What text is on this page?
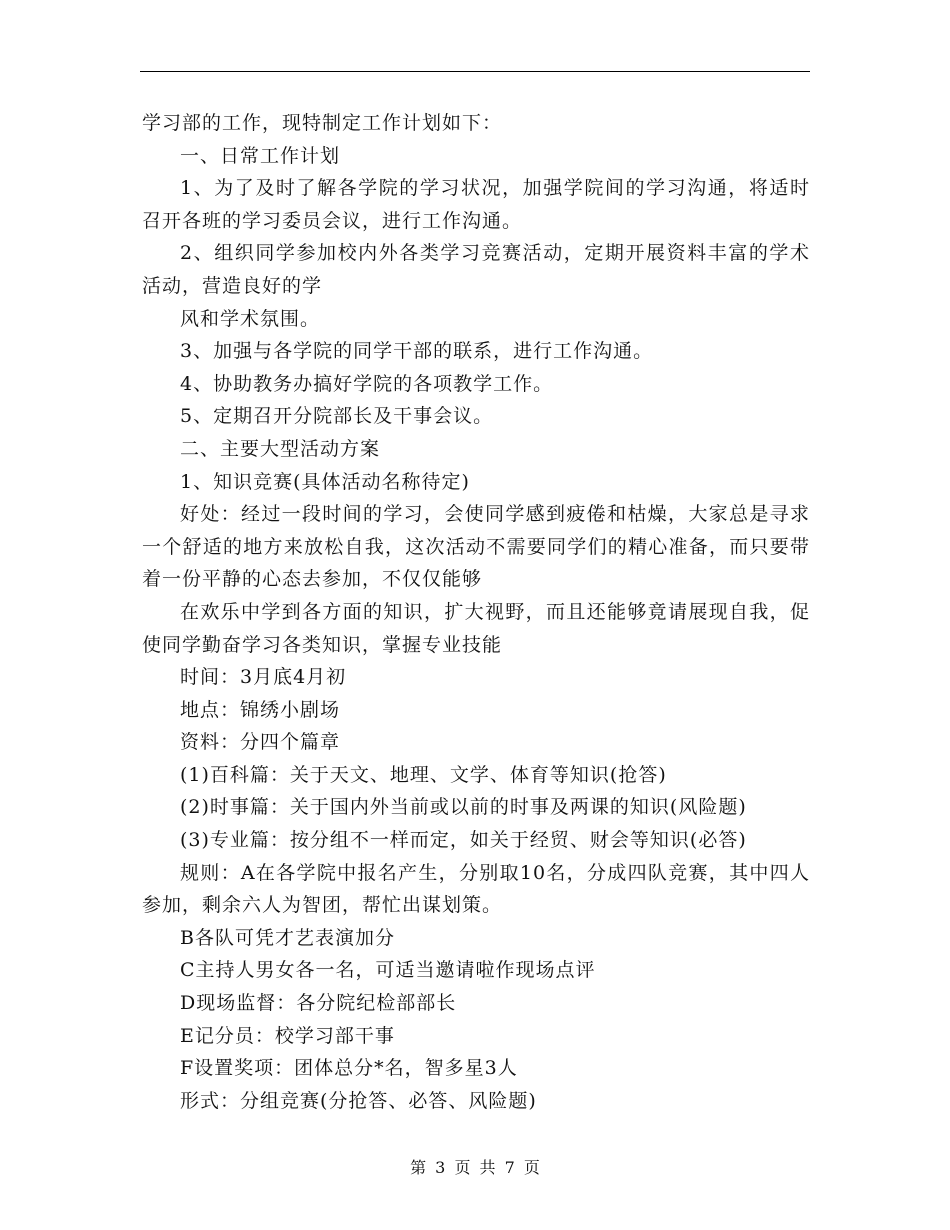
学习部的工作，现特制定工作计划如下：

一、日常工作计划

1、为了及时了解各学院的学习状况，加强学院间的学习沟通，将适时召开各班的学习委员会议，进行工作沟通。

2、组织同学参加校内外各类学习竞赛活动，定期开展资料丰富的学术活动，营造良好的学

风和学术氛围。

3、加强与各学院的同学干部的联系，进行工作沟通。

4、协助教务办搞好学院的各项教学工作。

5、定期召开分院部长及干事会议。

二、主要大型活动方案

1、知识竞赛(具体活动名称待定)

好处：经过一段时间的学习，会使同学感到疲倦和枯燥，大家总是寻求一个舒适的地方来放松自我，这次活动不需要同学们的精心准备，而只要带着一份平静的心态去参加，不仅仅能够

在欢乐中学到各方面的知识，扩大视野，而且还能够竟请展现自我，促使同学勤奋学习各类知识，掌握专业技能

时间：3月底4月初

地点：锦绣小剧场

资料：分四个篇章

(1)百科篇：关于天文、地理、文学、体育等知识(抢答)

(2)时事篇：关于国内外当前或以前的时事及两课的知识(风险题)

(3)专业篇：按分组不一样而定，如关于经贸、财会等知识(必答)

规则：A在各学院中报名产生，分别取10名，分成四队竞赛，其中四人参加，剩余六人为智团，帮忙出谋划策。

B各队可凭才艺表演加分

C主持人男女各一名，可适当邀请啦作现场点评

D现场监督：各分院纪检部部长

E记分员：校学习部干事

F设置奖项：团体总分*名，智多星3人

形式：分组竞赛(分抢答、必答、风险题)

第 3 页 共 7 页
